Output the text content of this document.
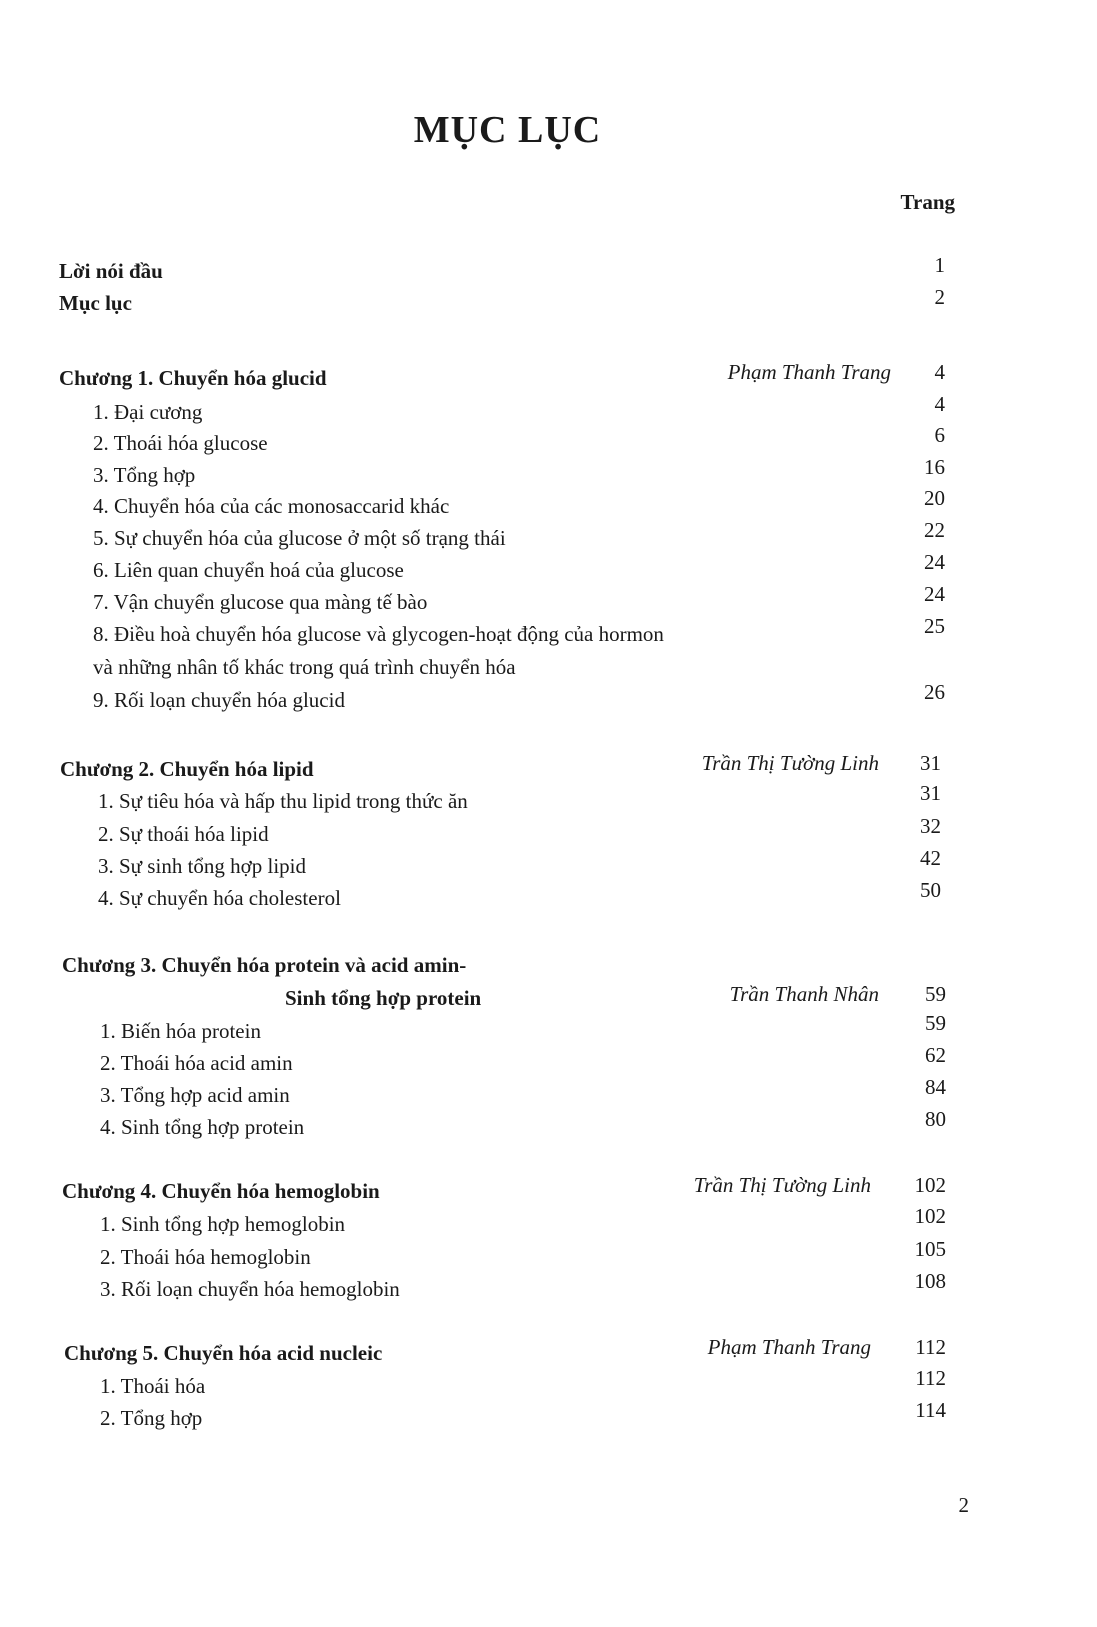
MỤC LỤC
Trang
Lời nói đầu	1
Mục lục	2
Chương 1. Chuyển hóa glucid	Phạm Thanh Trang	4
1. Đại cương	4
2. Thoái hóa glucose	6
3. Tổng hợp	16
4. Chuyển hóa của các monosaccarid khác	20
5. Sự chuyển hóa của glucose ở một số trạng thái	22
6. Liên quan chuyển hoá của glucose	24
7. Vận chuyển glucose qua màng tế bào	24
8. Điều hoà chuyển hóa glucose và glycogen-hoạt động của hormon	25
và những nhân tố khác trong quá trình chuyển hóa
9. Rối loạn chuyển hóa glucid	26
Chương 2. Chuyển hóa lipid	Trần Thị Tường Linh	31
1. Sự tiêu hóa và hấp thu lipid trong thức ăn	31
2. Sự thoái hóa lipid	32
3. Sự sinh tổng hợp lipid	42
4. Sự chuyển hóa cholesterol	50
Chương 3. Chuyển hóa protein và acid amin-
Sinh tổng hợp protein	Trần Thanh Nhân	59
1. Biến hóa protein	59
2. Thoái hóa acid amin	62
3. Tổng hợp acid amin	84
4. Sinh tổng hợp protein	80
Chương 4. Chuyển hóa hemoglobin	Trần Thị Tường Linh	102
1. Sinh tổng hợp hemoglobin	102
2. Thoái hóa hemoglobin	105
3. Rối loạn chuyển hóa hemoglobin	108
Chương 5. Chuyển hóa acid nucleic	Phạm Thanh Trang	112
1. Thoái hóa	112
2. Tổng hợp	114
2
